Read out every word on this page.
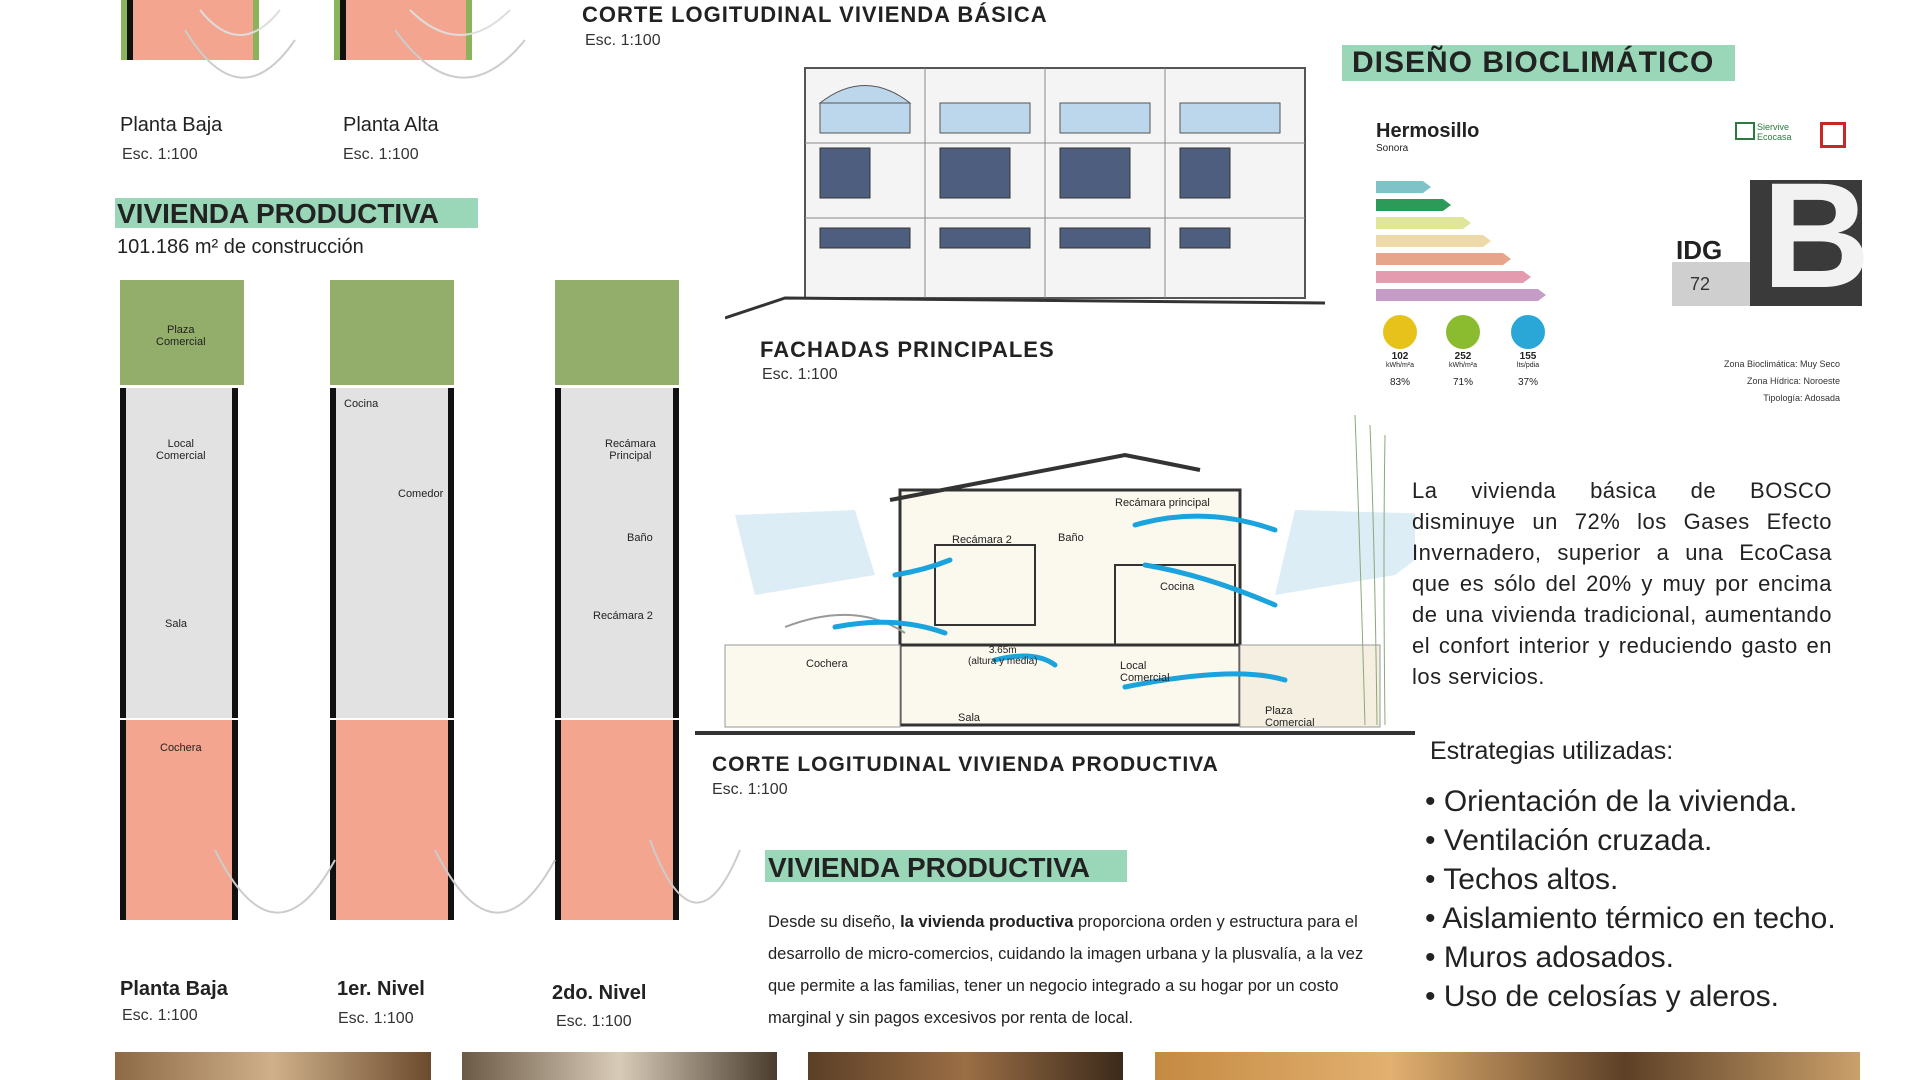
Planta Baja
Esc. 1:100
Planta Alta
Esc. 1:100
VIVIENDA PRODUCTIVA
101.186 m² de construcción
Plaza
Comercial
Local
Comercial
Sala
Cochera
Cocina
Comedor
Recámara
Principal
Baño
Recámara 2
Planta Baja
Esc. 1:100
1er. Nivel
Esc. 1:100
2do. Nivel
Esc. 1:100
CORTE LOGITUDINAL VIVIENDA BÁSICA
Esc. 1:100
FACHADAS PRINCIPALES
Esc. 1:100
Recámara principal
Recámara 2	Baño
Cocina
Cochera
3.65m
(altura y media)	Local
Comercial
Sala
Plaza
Comercial
CORTE LOGITUDINAL VIVIENDA PRODUCTIVA
Esc. 1:100
VIVIENDA PRODUCTIVA
Desde su diseño, la vivienda productiva proporciona orden y estructura para el desarrollo de micro-comercios, cuidando la imagen urbana y la plusvalía, a la vez que permite a las familias, tener un negocio integrado a su hogar por un costo marginal y sin pagos excesivos por renta de local.
DISEÑO BIOCLIMÁTICO
Hermosillo
Sonora
102
kWh/m²a
83%
252
kWh/m²a
71%
155
lts/pdia
37%
Siervive
Ecocasa
IDG
72 B
Zona Bioclimática: Muy Seco
Zona Hídrica: Noroeste
Tipología: Adosada
La vivienda básica de BOSCO disminuye un 72% los Gases Efecto Invernadero, superior a una EcoCasa que es sólo del 20% y muy por encima de una vivienda tradicional, aumentando el confort interior y reduciendo gasto en los servicios.
Estrategias utilizadas:
• Orientación de la vivienda.
• Ventilación cruzada.
• Techos altos.
• Aislamiento térmico en techo.
• Muros adosados.
• Uso de celosías y aleros.
